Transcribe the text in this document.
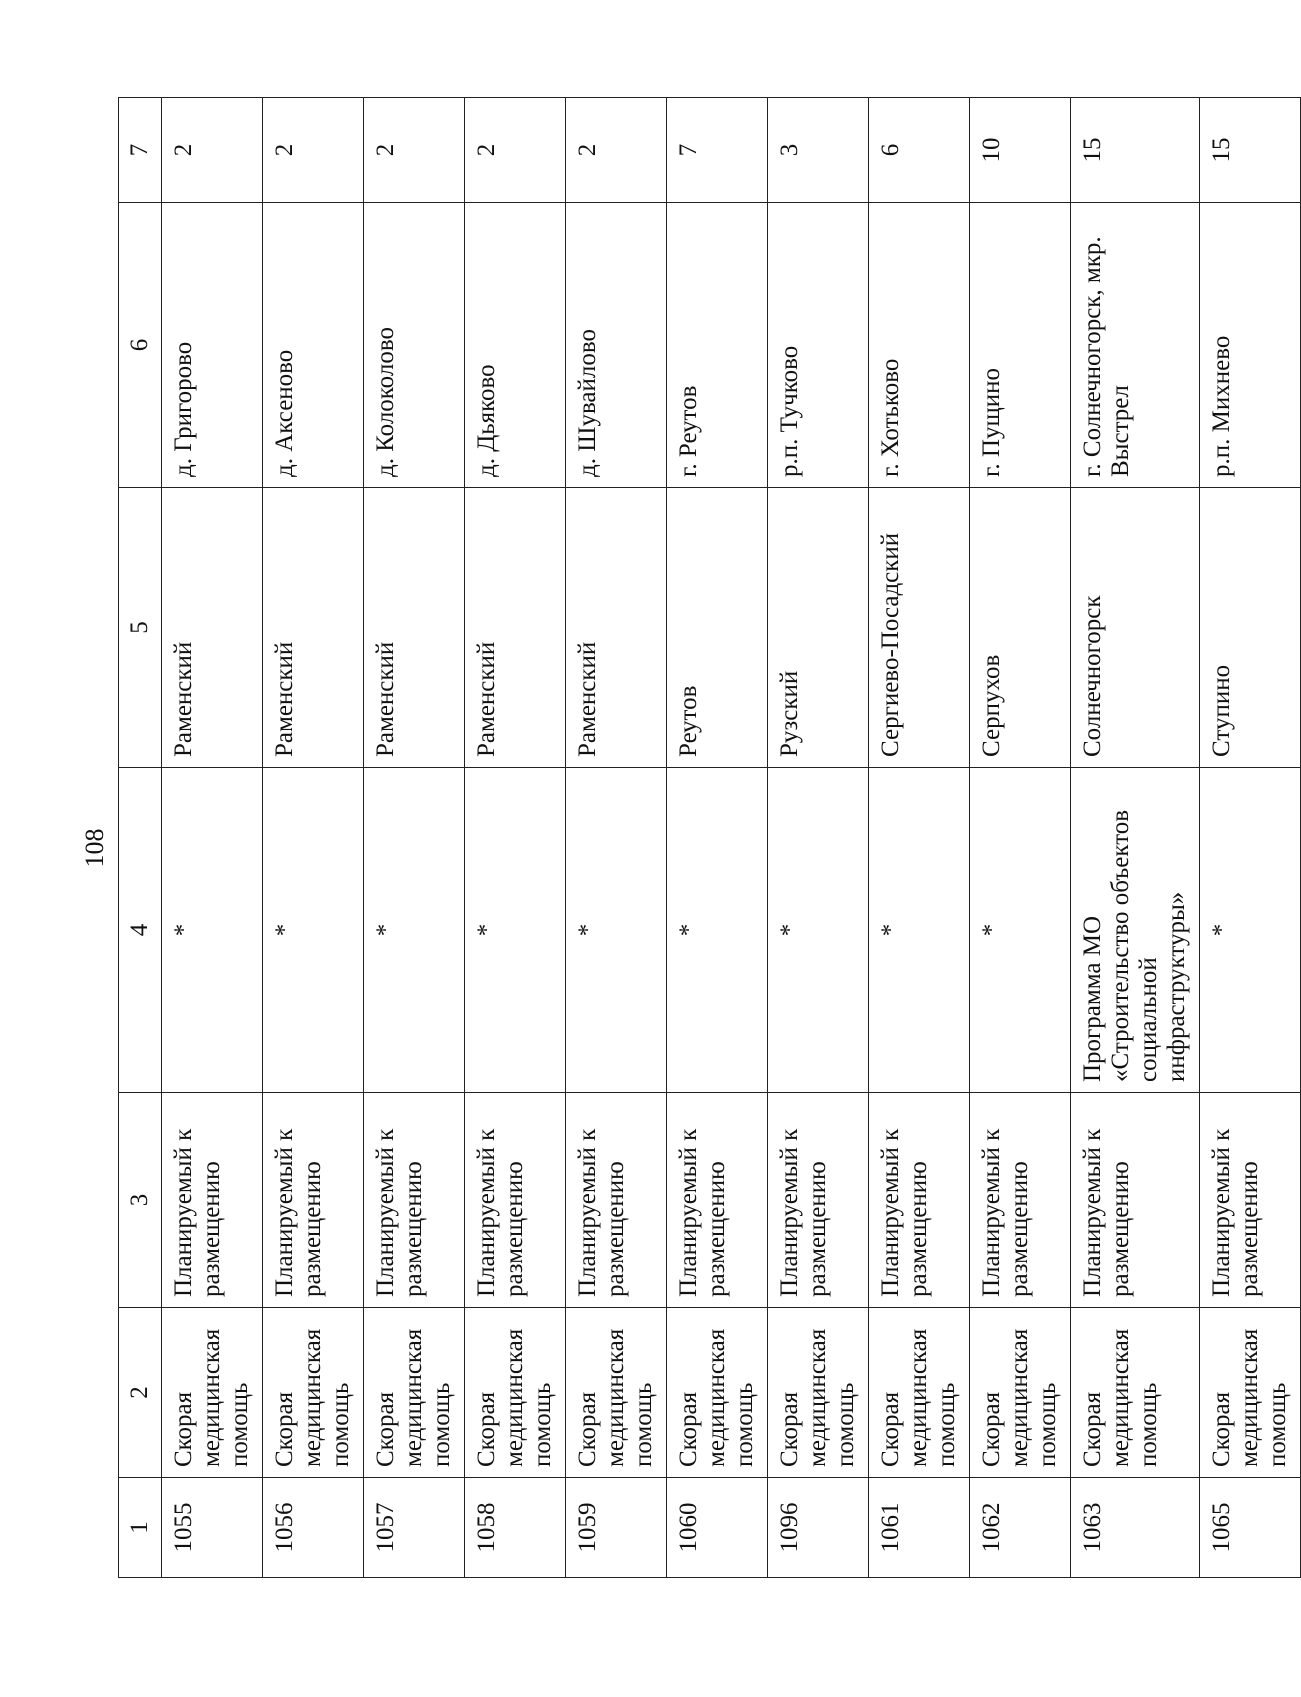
108
1	2	3	4	5	6	7
1055	Скорая медицинская помощь	Планируемый к размещению	*	Раменский	д. Григорово	2
1056	Скорая медицинская помощь	Планируемый к размещению	*	Раменский	д. Аксеново	2
1057	Скорая медицинская помощь	Планируемый к размещению	*	Раменский	д. Колоколово	2
1058	Скорая медицинская помощь	Планируемый к размещению	*	Раменский	д. Дьяково	2
1059	Скорая медицинская помощь	Планируемый к размещению	*	Раменский	д. Шувайлово	2
1060	Скорая медицинская помощь	Планируемый к размещению	*	Реутов	г. Реутов	7
1096	Скорая медицинская помощь	Планируемый к размещению	*	Рузский	р.п. Тучково	3
1061	Скорая медицинская помощь	Планируемый к размещению	*	Сергиево-Посадский	г. Хотьково	6
1062	Скорая медицинская помощь	Планируемый к размещению	*	Серпухов	г. Пущино	10
1063	Скорая медицинская помощь	Планируемый к размещению	Программа МО «Строительство объектов социальной инфраструктуры»	Солнечногорск	г. Солнечногорск, мкр. Выстрел	15
1065	Скорая медицинская помощь	Планируемый к размещению	*	Ступино	р.п. Михнево	15
